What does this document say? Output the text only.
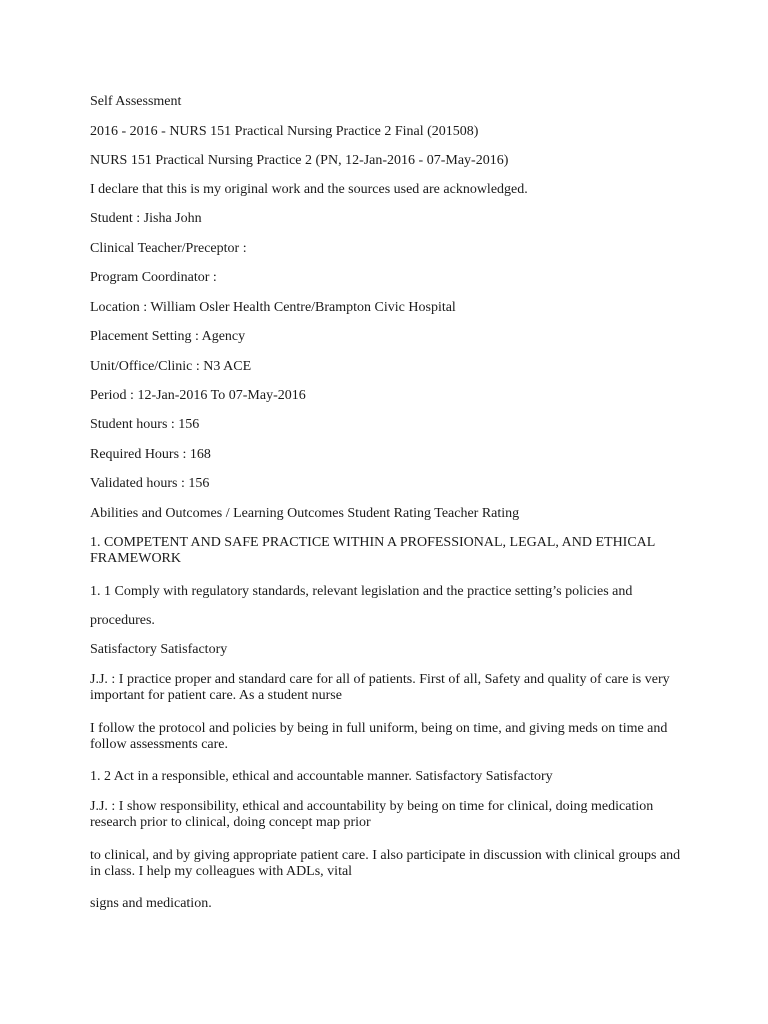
Self Assessment
2016 - 2016 - NURS 151 Practical Nursing Practice 2 Final (201508)
NURS 151 Practical Nursing Practice 2 (PN, 12-Jan-2016 - 07-May-2016)
I declare that this is my original work and the sources used are acknowledged.
Student : Jisha John
Clinical Teacher/Preceptor :
Program Coordinator :
Location : William Osler Health Centre/Brampton Civic Hospital
Placement Setting : Agency
Unit/Office/Clinic : N3 ACE
Period : 12-Jan-2016 To 07-May-2016
Student hours : 156
Required Hours : 168
Validated hours : 156
Abilities and Outcomes / Learning Outcomes Student Rating Teacher Rating
1. COMPETENT AND SAFE PRACTICE WITHIN A PROFESSIONAL, LEGAL, AND ETHICAL FRAMEWORK
1. 1 Comply with regulatory standards, relevant legislation and the practice setting’s policies and
procedures.
Satisfactory Satisfactory
J.J. : I practice proper and standard care for all of patients. First of all, Safety and quality of care is very important for patient care. As a student nurse
I follow the protocol and policies by being in full uniform, being on time, and giving meds on time and follow assessments care.
1. 2 Act in a responsible, ethical and accountable manner. Satisfactory Satisfactory
J.J. : I show responsibility, ethical and accountability by being on time for clinical, doing medication research prior to clinical, doing concept map prior
to clinical, and by giving appropriate patient care. I also participate in discussion with clinical groups and in class. I help my colleagues with ADLs, vital
signs and medication.
